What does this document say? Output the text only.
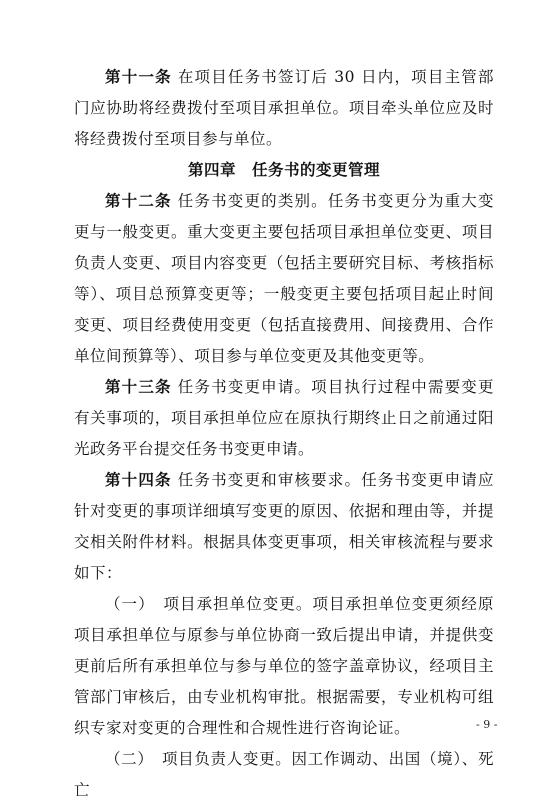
第十一条 在项目任务书签订后 30 日内，项目主管部门应协助将经费拨付至项目承担单位。项目牵头单位应及时将经费拨付至项目参与单位。

第四章　任务书的变更管理

第十二条 任务书变更的类别。任务书变更分为重大变更与一般变更。重大变更主要包括项目承担单位变更、项目负责人变更、项目内容变更（包括主要研究目标、考核指标等）、项目总预算变更等；一般变更主要包括项目起止时间变更、项目经费使用变更（包括直接费用、间接费用、合作单位间预算等）、项目参与单位变更及其他变更等。

第十三条 任务书变更申请。项目执行过程中需要变更有关事项的，项目承担单位应在原执行期终止日之前通过阳光政务平台提交任务书变更申请。

第十四条 任务书变更和审核要求。任务书变更申请应针对变更的事项详细填写变更的原因、依据和理由等，并提交相关附件材料。根据具体变更事项，相关审核流程与要求如下：

（一）　项目承担单位变更。项目承担单位变更须经原项目承担单位与原参与单位协商一致后提出申请，并提供变更前后所有承担单位与参与单位的签字盖章协议，经项目主管部门审核后，由专业机构审批。根据需要，专业机构可组织专家对变更的合理性和合规性进行咨询论证。

（二）　项目负责人变更。因工作调动、出国（境）、死亡

- 9 -
